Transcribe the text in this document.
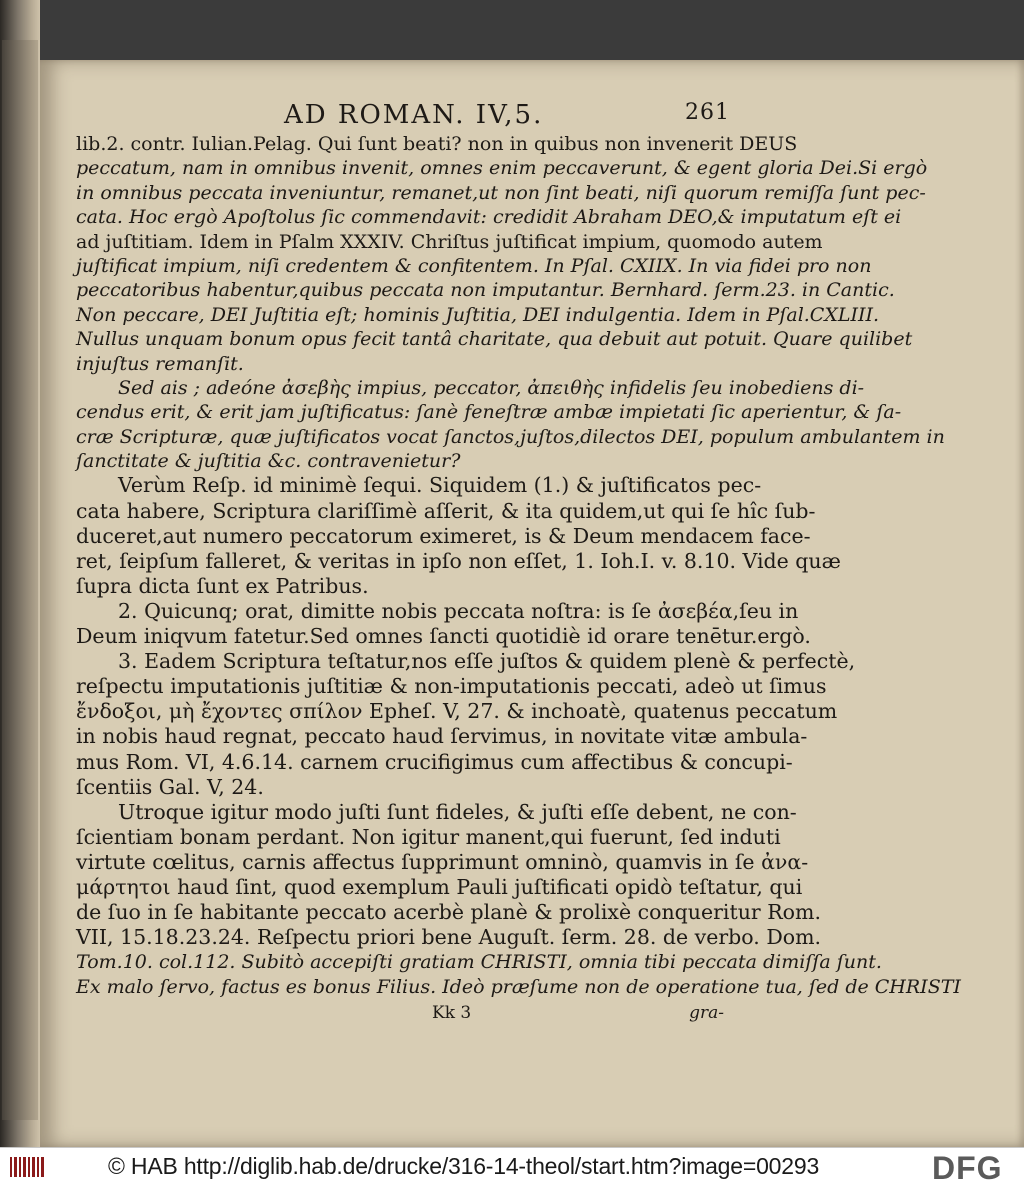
AD ROMAN. IV,5.	261
lib.2. contr. Iulian.Pelag. Qui ſunt beati? non in quibus non invenerit DEUS
peccatum, nam in omnibus invenit, omnes enim peccaverunt, & egent gloria Dei.Si ergò
in omnibus peccata inveniuntur, remanet,ut non ſint beati, niſi quorum remiſſa ſunt pec-
cata. Hoc ergò Apoſtolus ſic commendavit: credidit Abraham DEO,& imputatum eſt ei
ad juſtitiam. Idem in Pſalm XXXIV. Chriſtus juſtificat impium, quomodo autem
juſtificat impium, niſi credentem & confitentem. In Pſal. CXIIX. In via fidei pro non
peccatoribus habentur,quibus peccata non imputantur. Bernhard. ſerm.23. in Cantic.
Non peccare, DEI Juſtitia eſt; hominis Juſtitia, DEI indulgentia. Idem in Pſal.CXLIII.
Nullus unquam bonum opus fecit tantâ charitate, qua debuit aut potuit. Quare quilibet
injuſtus remanſit.
Sed ais ; adeóne ἀσεβὴς impius, peccator, ἀπειθὴς infidelis ſeu inobediens di-
cendus erit, & erit jam juſtificatus: ſanè feneſtræ ambæ impietati ſic aperientur, & ſa-
cræ Scripturæ, quæ juſtificatos vocat ſanctos,juſtos,dilectos DEI, populum ambulantem in
ſanctitate & juſtitia &c. contravenietur?
Verùm Reſp. id minimè ſequi. Siquidem (1.) & juſtificatos pec-
cata habere, Scriptura clariſſimè aſſerit, & ita quidem,ut qui ſe hîc ſub-
duceret,aut numero peccatorum eximeret, is & Deum mendacem face-
ret, ſeipſum falleret, & veritas in ipſo non eſſet, 1. Ioh.I. v. 8.10. Vide quæ
ſupra dicta ſunt ex Patribus.
2. Quicunq; orat, dimitte nobis peccata noſtra: is ſe ἀσεβέα,ſeu in
Deum iniqvum fatetur.Sed omnes ſancti quotidiè id orare tenētur.ergò.
3. Eadem Scriptura teſtatur,nos eſſe juſtos & quidem plenè & perfectè,
reſpectu imputationis juſtitiæ & non-imputationis peccati, adeò ut ſimus
ἔνδοξοι, μὴ ἔχοντες σπίλον Epheſ. V, 27. & inchoatè, quatenus peccatum
in nobis haud regnat, peccato haud ſervimus, in novitate vitæ ambula-
mus Rom. VI, 4.6.14. carnem crucifigimus cum affectibus & concupi-
ſcentiis Gal. V, 24.
Utroque igitur modo juſti ſunt fideles, & juſti eſſe debent, ne con-
ſcientiam bonam perdant. Non igitur manent,qui fuerunt, ſed induti
virtute cœlitus, carnis affectus ſupprimunt omninò, quamvis in ſe ἀνα-
μάρτητοι haud ſint, quod exemplum Pauli juſtificati opidò teſtatur, qui
de ſuo in ſe habitante peccato acerbè planè & prolixè conqueritur Rom.
VII, 15.18.23.24. Reſpectu priori bene Auguſt. ſerm. 28. de verbo. Dom.
Tom.10. col.112. Subitò accepiſti gratiam CHRISTI, omnia tibi peccata dimiſſa ſunt.
Ex malo ſervo, factus es bonus Filius. Ideò præſume non de operatione tua, ſed de CHRISTI
Kk 3	gra-
© HAB http://diglib.hab.de/drucke/316-14-theol/start.htm?image=00293	DFG
